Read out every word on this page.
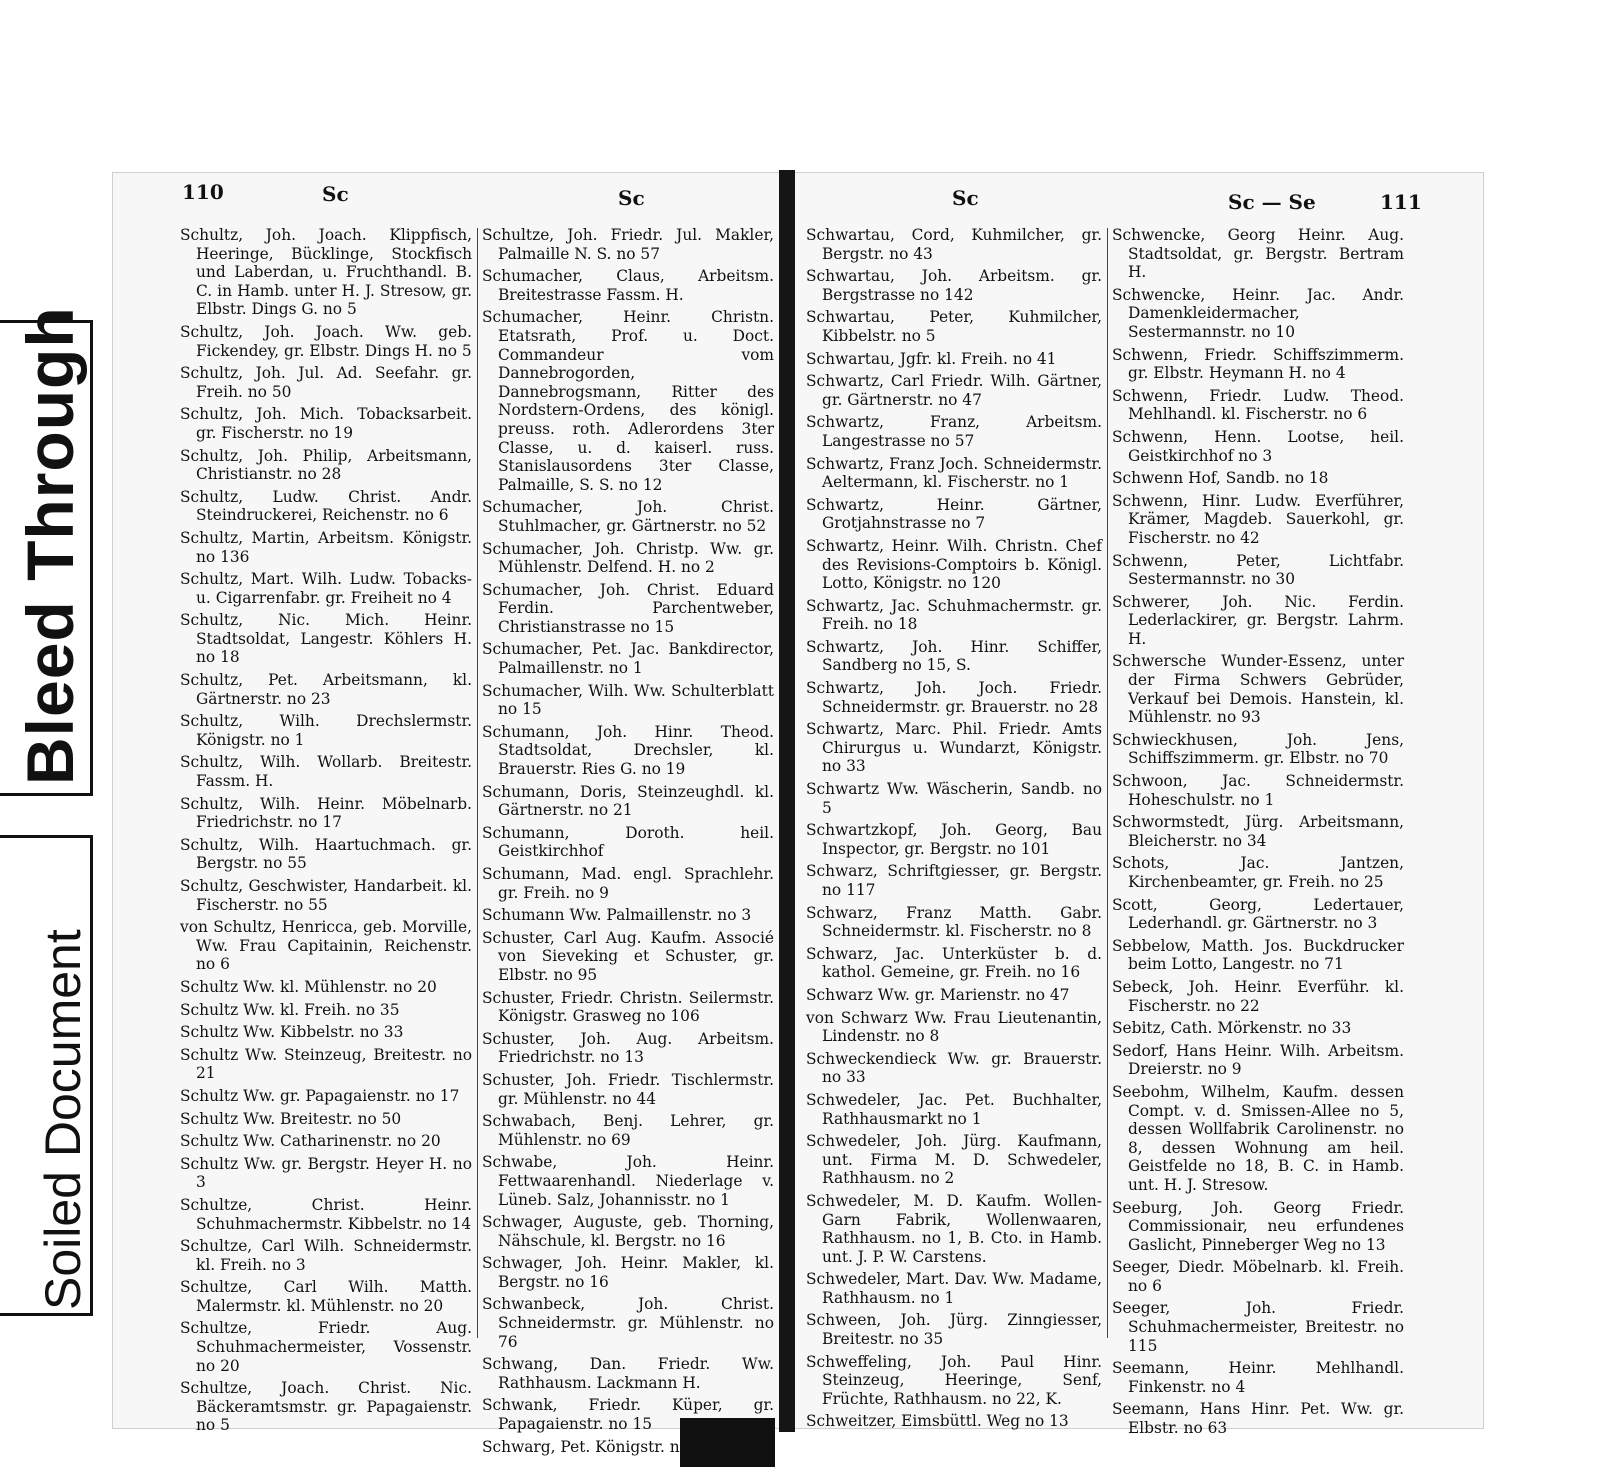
Bleed Through
Soiled Document
110	Sc	Sc	Sc	Sc — Se	111

Schultz, Joh. Joach. Klippfisch, Heeringe, Bücklinge, Stockfisch und Laberdan, u. Fruchthandl. B. C. in Hamb. unter H. J. Stresow, gr. Elbstr. Dings G. no 5

Schultz, Joh. Joach. Ww. geb. Fickendey, gr. Elbstr. Dings H. no 5

Schultz, Joh. Jul. Ad. Seefahr. gr. Freih. no 50

Schultz, Joh. Mich. Tobacksarbeit. gr. Fischerstr. no 19

Schultz, Joh. Philip, Arbeitsmann, Christianstr. no 28

Schultz, Ludw. Christ. Andr. Steindruckerei, Reichenstr. no 6

Schultz, Martin, Arbeitsm. Königstr. no 136

Schultz, Mart. Wilh. Ludw. Tobacks- u. Cigarrenfabr. gr. Freiheit no 4

Schultz, Nic. Mich. Heinr. Stadtsoldat, Langestr. Köhlers H. no 18

Schultz, Pet. Arbeitsmann, kl. Gärtnerstr. no 23

Schultz, Wilh. Drechslermstr. Königstr. no 1

Schultz, Wilh. Wollarb. Breitestr. Fassm. H.

Schultz, Wilh. Heinr. Möbelnarb. Friedrichstr. no 17

Schultz, Wilh. Haartuchmach. gr. Bergstr. no 55

Schultz, Geschwister, Handarbeit. kl. Fischerstr. no 55

von Schultz, Henricca, geb. Morville, Ww. Frau Capitainin, Reichenstr. no 6

Schultz Ww. kl. Mühlenstr. no 20

Schultz Ww. kl. Freih. no 35

Schultz Ww. Kibbelstr. no 33

Schultz Ww. Steinzeug, Breitestr. no 21

Schultz Ww. gr. Papagaienstr. no 17

Schultz Ww. Breitestr. no 50

Schultz Ww. Catharinenstr. no 20

Schultz Ww. gr. Bergstr. Heyer H. no 3

Schultze, Christ. Heinr. Schuhmachermstr. Kibbelstr. no 14

Schultze, Carl Wilh. Schneidermstr. kl. Freih. no 3

Schultze, Carl Wilh. Matth. Malermstr. kl. Mühlenstr. no 20

Schultze, Friedr. Aug. Schuhmachermeister, Vossenstr. no 20

Schultze, Joach. Christ. Nic. Bäckeramtsmstr. gr. Papagaienstr. no 5

Schultze, Joh. Friedr. Jul. Makler, Palmaille N. S. no 57

Schumacher, Claus, Arbeitsm. Breitestrasse Fassm. H.

Schumacher, Heinr. Christn. Etatsrath, Prof. u. Doct. Commandeur vom Dannebrogorden, Dannebrogsmann, Ritter des Nordstern-Ordens, des königl. preuss. roth. Adlerordens 3ter Classe, u. d. kaiserl. russ. Stanislausordens 3ter Classe, Palmaille, S. S. no 12

Schumacher, Joh. Christ. Stuhlmacher, gr. Gärtnerstr. no 52

Schumacher, Joh. Christp. Ww. gr. Mühlenstr. Delfend. H. no 2

Schumacher, Joh. Christ. Eduard Ferdin. Parchentweber, Christianstrasse no 15

Schumacher, Pet. Jac. Bankdirector, Palmaillenstr. no 1

Schumacher, Wilh. Ww. Schulterblatt no 15

Schumann, Joh. Hinr. Theod. Stadtsoldat, Drechsler, kl. Brauerstr. Ries G. no 19

Schumann, Doris, Steinzeughdl. kl. Gärtnerstr. no 21

Schumann, Doroth. heil. Geistkirchhof

Schumann, Mad. engl. Sprachlehr. gr. Freih. no 9

Schumann Ww. Palmaillenstr. no 3

Schuster, Carl Aug. Kaufm. Associé von Sieveking et Schuster, gr. Elbstr. no 95

Schuster, Friedr. Christn. Seilermstr. Königstr. Grasweg no 106

Schuster, Joh. Aug. Arbeitsm. Friedrichstr. no 13

Schuster, Joh. Friedr. Tischlermstr. gr. Mühlenstr. no 44

Schwabach, Benj. Lehrer, gr. Mühlenstr. no 69

Schwabe, Joh. Heinr. Fettwaarenhandl. Niederlage v. Lüneb. Salz, Johannisstr. no 1

Schwager, Auguste, geb. Thorning, Nähschule, kl. Bergstr. no 16

Schwager, Joh. Heinr. Makler, kl. Bergstr. no 16

Schwanbeck, Joh. Christ. Schneidermstr. gr. Mühlenstr. no 76

Schwang, Dan. Friedr. Ww. Rathhausm. Lackmann H.

Schwank, Friedr. Küper, gr. Papagaienstr. no 15

Schwarg, Pet. Königstr. no 166

Schwartau, Cord, Kuhmilcher, gr. Bergstr. no 43

Schwartau, Joh. Arbeitsm. gr. Bergstrasse no 142

Schwartau, Peter, Kuhmilcher, Kibbelstr. no 5

Schwartau, Jgfr. kl. Freih. no 41

Schwartz, Carl Friedr. Wilh. Gärtner, gr. Gärtnerstr. no 47

Schwartz, Franz, Arbeitsm. Langestrasse no 57

Schwartz, Franz Joch. Schneidermstr. Aeltermann, kl. Fischerstr. no 1

Schwartz, Heinr. Gärtner, Grotjahnstrasse no 7

Schwartz, Heinr. Wilh. Christn. Chef des Revisions-Comptoirs b. Königl. Lotto, Königstr. no 120

Schwartz, Jac. Schuhmachermstr. gr. Freih. no 18

Schwartz, Joh. Hinr. Schiffer, Sandberg no 15, S.

Schwartz, Joh. Joch. Friedr. Schneidermstr. gr. Brauerstr. no 28

Schwartz, Marc. Phil. Friedr. Amts Chirurgus u. Wundarzt, Königstr. no 33

Schwartz Ww. Wäscherin, Sandb. no 5

Schwartzkopf, Joh. Georg, Bau Inspector, gr. Bergstr. no 101

Schwarz, Schriftgiesser, gr. Bergstr. no 117

Schwarz, Franz Matth. Gabr. Schneidermstr. kl. Fischerstr. no 8

Schwarz, Jac. Unterküster b. d. kathol. Gemeine, gr. Freih. no 16

Schwarz Ww. gr. Marienstr. no 47

von Schwarz Ww. Frau Lieutenantin, Lindenstr. no 8

Schweckendieck Ww. gr. Brauerstr. no 33

Schwedeler, Jac. Pet. Buchhalter, Rathhausmarkt no 1

Schwedeler, Joh. Jürg. Kaufmann, unt. Firma M. D. Schwedeler, Rathhausm. no 2

Schwedeler, M. D. Kaufm. Wollen-Garn Fabrik, Wollenwaaren, Rathhausm. no 1, B. Cto. in Hamb. unt. J. P. W. Carstens.

Schwedeler, Mart. Dav. Ww. Madame, Rathhausm. no 1

Schween, Joh. Jürg. Zinngiesser, Breitestr. no 35

Schweffeling, Joh. Paul Hinr. Steinzeug, Heeringe, Senf, Früchte, Rathhausm. no 22, K.

Schweitzer, Eimsbüttl. Weg no 13

Schwencke, Georg Heinr. Aug. Stadtsoldat, gr. Bergstr. Bertram H.

Schwencke, Heinr. Jac. Andr. Damenkleidermacher, Sestermannstr. no 10

Schwenn, Friedr. Schiffszimmerm. gr. Elbstr. Heymann H. no 4

Schwenn, Friedr. Ludw. Theod. Mehlhandl. kl. Fischerstr. no 6

Schwenn, Henn. Lootse, heil. Geistkirchhof no 3

Schwenn Hof, Sandb. no 18

Schwenn, Hinr. Ludw. Everführer, Krämer, Magdeb. Sauerkohl, gr. Fischerstr. no 42

Schwenn, Peter, Lichtfabr. Sestermannstr. no 30

Schwerer, Joh. Nic. Ferdin. Lederlackirer, gr. Bergstr. Lahrm. H.

Schwersche Wunder-Essenz, unter der Firma Schwers Gebrüder, Verkauf bei Demois. Hanstein, kl. Mühlenstr. no 93

Schwieckhusen, Joh. Jens, Schiffszimmerm. gr. Elbstr. no 70

Schwoon, Jac. Schneidermstr. Hoheschulstr. no 1

Schwormstedt, Jürg. Arbeitsmann, Bleicherstr. no 34

Schots, Jac. Jantzen, Kirchenbeamter, gr. Freih. no 25

Scott, Georg, Ledertauer, Lederhandl. gr. Gärtnerstr. no 3

Sebbelow, Matth. Jos. Buckdrucker beim Lotto, Langestr. no 71

Sebeck, Joh. Heinr. Everführ. kl. Fischerstr. no 22

Sebitz, Cath. Mörkenstr. no 33

Sedorf, Hans Heinr. Wilh. Arbeitsm. Dreierstr. no 9

Seebohm, Wilhelm, Kaufm. dessen Compt. v. d. Smissen-Allee no 5, dessen Wollfabrik Carolinenstr. no 8, dessen Wohnung am heil. Geistfelde no 18, B. C. in Hamb. unt. H. J. Stresow.

Seeburg, Joh. Georg Friedr. Commissionair, neu erfundenes Gaslicht, Pinneberger Weg no 13

Seeger, Diedr. Möbelnarb. kl. Freih. no 6

Seeger, Joh. Friedr. Schuhmachermeister, Breitestr. no 115

Seemann, Heinr. Mehlhandl. Finkenstr. no 4

Seemann, Hans Hinr. Pet. Ww. gr. Elbstr. no 63
